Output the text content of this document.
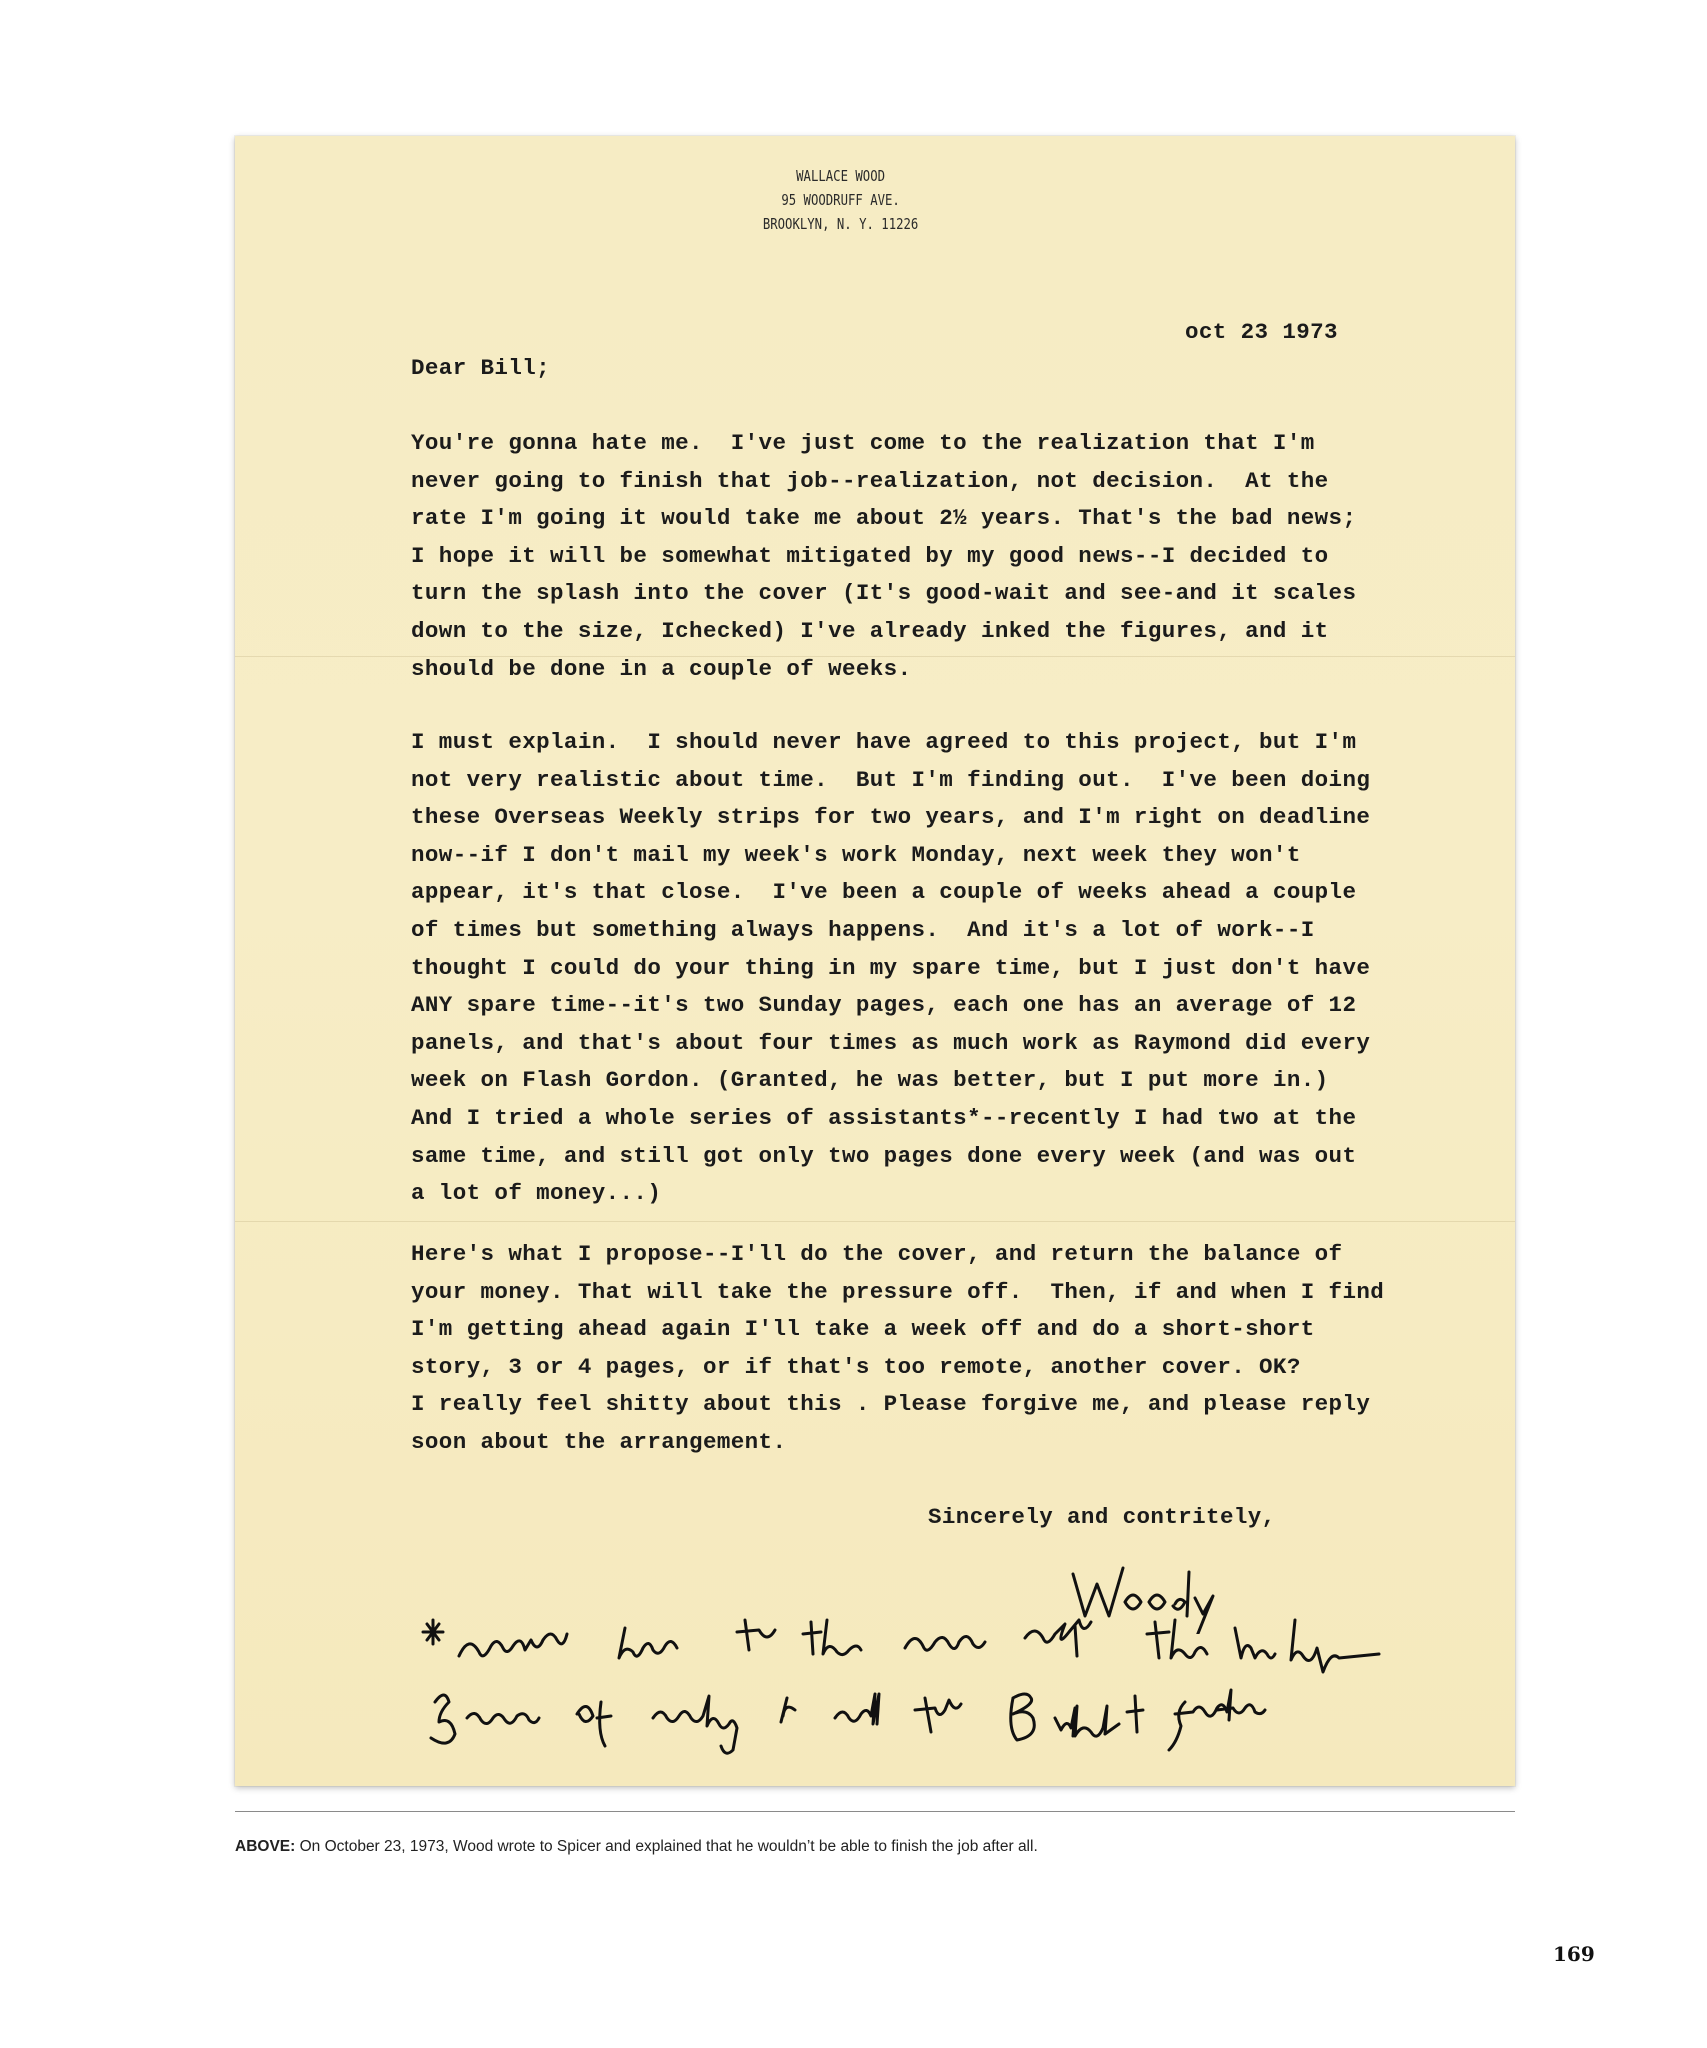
WALLACE WOOD
95 WOODRUFF AVE.
BROOKLYN, N. Y. 11226
oct 23 1973
Dear Bill;
You're gonna hate me.  I've just come to the realization that I'm
never going to finish that job--realization, not decision.  At the
rate I'm going it would take me about 2½ years. That's the bad news;
I hope it will be somewhat mitigated by my good news--I decided to
turn the splash into the cover (It's good-wait and see-and it scales
down to the size, Ichecked) I've already inked the figures, and it
should be done in a couple of weeks.
I must explain.  I should never have agreed to this project, but I'm
not very realistic about time.  But I'm finding out.  I've been doing
these Overseas Weekly strips for two years, and I'm right on deadline
now--if I don't mail my week's work Monday, next week they won't
appear, it's that close.  I've been a couple of weeks ahead a couple
of times but something always happens.  And it's a lot of work--I
thought I could do your thing in my spare time, but I just don't have
ANY spare time--it's two Sunday pages, each one has an average of 12
panels, and that's about four times as much work as Raymond did every
week on Flash Gordon. (Granted, he was better, but I put more in.)
And I tried a whole series of assistants*--recently I had two at the
same time, and still got only two pages done every week (and was out
a lot of money...)
Here's what I propose--I'll do the cover, and return the balance of
your money. That will take the pressure off.  Then, if and when I find
I'm getting ahead again I'll take a week off and do a short-short
story, 3 or 4 pages, or if that's too remote, another cover. OK?
I really feel shitty about this . Please forgive me, and please reply
soon about the arrangement.
Sincerely and contritely,
ABOVE: On October 23, 1973, Wood wrote to Spicer and explained that he wouldn’t be able to finish the job after all.
169
